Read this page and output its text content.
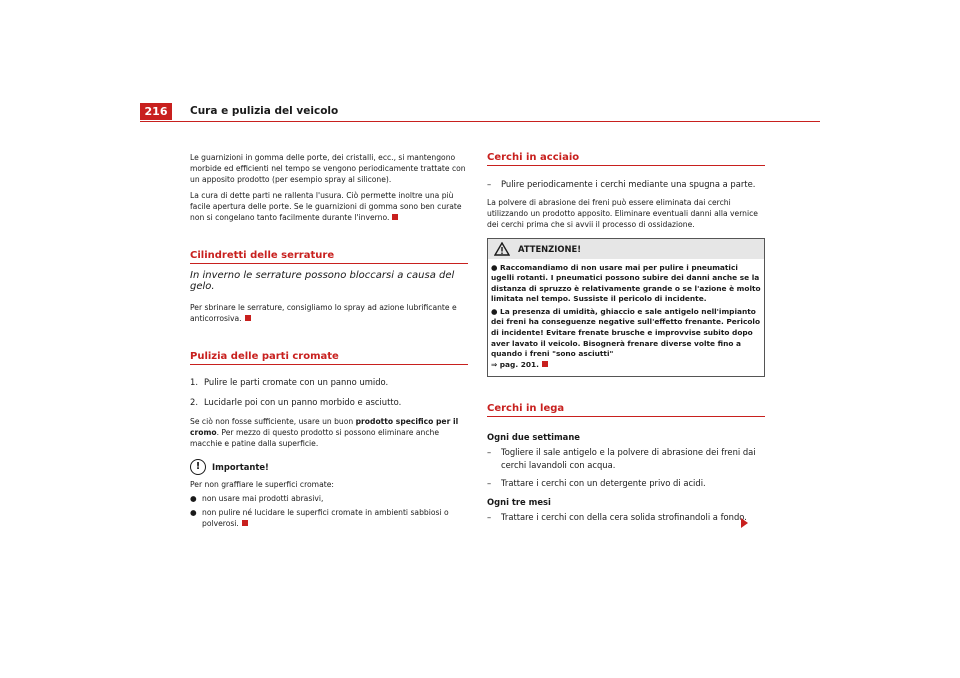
216	Cura e pulizia del veicolo

Le guarnizioni in gomma delle porte, dei cristalli, ecc., si mantengono morbide ed efficienti nel tempo se vengono periodicamente trattate con un apposito prodotto (per esempio spray al silicone).

La cura di dette parti ne rallenta l'usura. Ciò permette inoltre una più facile apertura delle porte. Se le guarnizioni di gomma sono ben curate non si congelano tanto facilmente durante l'inverno.

Cilindretti delle serrature
In inverno le serrature possono bloccarsi a causa del gelo.

Per sbrinare le serrature, consigliamo lo spray ad azione lubrificante e anticorrosiva.

Pulizia delle parti cromate
1. Pulire le parti cromate con un panno umido.
2. Lucidarle poi con un panno morbido e asciutto.

Se ciò non fosse sufficiente, usare un buon prodotto specifico per il cromo. Per mezzo di questo prodotto si possono eliminare anche macchie e patine dalla superficie.

!	Importante!

Per non graffiare le superfici cromate:

● non usare mai prodotti abrasivi,
● non pulire né lucidare le superfici cromate in ambienti sabbiosi o polverosi.
Cerchi in acciaio
–	Pulire periodicamente i cerchi mediante una spugna a parte.

La polvere di abrasione dei freni può essere eliminata dai cerchi utilizzando un prodotto apposito. Eliminare eventuali danni alla vernice dei cerchi prima che si avvii il processo di ossidazione.

ATTENZIONE!

● Raccomandiamo di non usare mai per pulire i pneumatici ugelli rotanti. I pneumatici possono subire dei danni anche se la distanza di spruzzo è relativamente grande o se l'azione è molto limitata nel tempo. Sussiste il pericolo di incidente.

● La presenza di umidità, ghiaccio e sale antigelo nell'impianto dei freni ha conseguenze negative sull'effetto frenante. Pericolo di incidente! Evitare frenate brusche e improvvise subito dopo aver lavato il veicolo. Bisognerà frenare diverse volte fino a quando i freni "sono asciutti"
⇒ pag. 201.

Cerchi in lega
Ogni due settimane
–	Togliere il sale antigelo e la polvere di abrasione dei freni dai cerchi lavandoli con acqua.
–	Trattare i cerchi con un detergente privo di acidi.
Ogni tre mesi
–	Trattare i cerchi con della cera solida strofinandoli a fondo.
